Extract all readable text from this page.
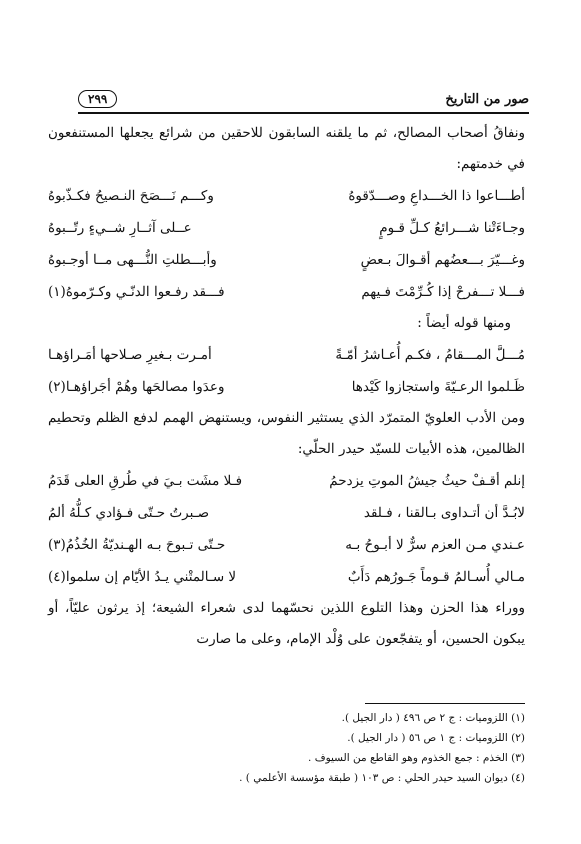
صور من التاريخ
٢٩٩

ونفاقُ أصحاب المصالح، ثم ما يلقنه السابقون للاحقين من شرائع يجعلها المستنفعون في خدمتهم:

أطـــاعوا ذا الخـــداعِ وصـــدّقوهُ
وكـــم نَـــصَحَ النـصيحُ فكـذّبوهُ
وجـاءَتْنا شـــرائعُ كـلِّ قـومٍ
عــلى آثــارِ شــيءٍ رتّــبوهُ
وغـــيّرَ بـــعضُهم أقـوالَ بـعضٍ
وأبـــطلتِ النُّـــهى مــا أوجـبوهُ
فـــلا تـــفرحْ إذا كُـرِّمْتَ فـيهم
فـــقد رفـعوا الدنّـي وكـرّموهُ(١)

ومنها قوله أيضاً :

مُـــلَّ المـــقامُ ، فكـم أُعـاشرُ أمّـةً
أمـرت بـغيرِ صـلاحها أمَـراؤهـا
ظَـلموا الرعـيّةَ واستجازوا كَيْدها
وعدَوا مصالحَها وهُمْ أجَراؤهـا(٢)

ومن الأدب العلويّ المتمرّد الذي يستثير النفوس، ويستنهض الهمم لدفع الظلم وتحطيم الظالمين، هذه الأبيات للسيّد حيدر الحلّي:

إنلم أقـفْ حيثُ جيشُ الموتِ يزدحمُ
فـلا مشَت بـيَ في طُرقِ العلى قَدَمُ
لابُـدَّ أن أتـداوى بـالقنا ، فـلقد
صـبرتُ حـتّى فـؤادي كـلُّهُ ألمُ
عـندي مـن العزم سرٌّ لا أبـوحُ بـه
حـتّى تـبوحَ بـه الهـنديّةُ الخُذُمُ(٣)
مـالي أُسـالمُ قـوماً جَـورُهم دَأَبٌ
لا سـالمتْني يـدُ الأيّام إن سلموا(٤)

ووراء هذا الحزن وهذا التلوع اللذين نحسّهما لدى شعراء الشيعة؛ إذ يرثون عليّاً، أو يبكون الحسين، أو يتفجّعون على وُلْد الإمام، وعلى ما صارت

(١) اللزوميات : ج ٢ ص ٤٩٦ ( دار الجيل ).

(٢) اللزوميات : ج ١ ص ٥٦ ( دار الجيل ).

(٣) الخذم : جمع الخذوم وهو القاطع من السيوف .

(٤) ديوان السيد حيدر الحلي : ص ١٠٣ ( طبقة مؤسسة الأعلمي ) .
